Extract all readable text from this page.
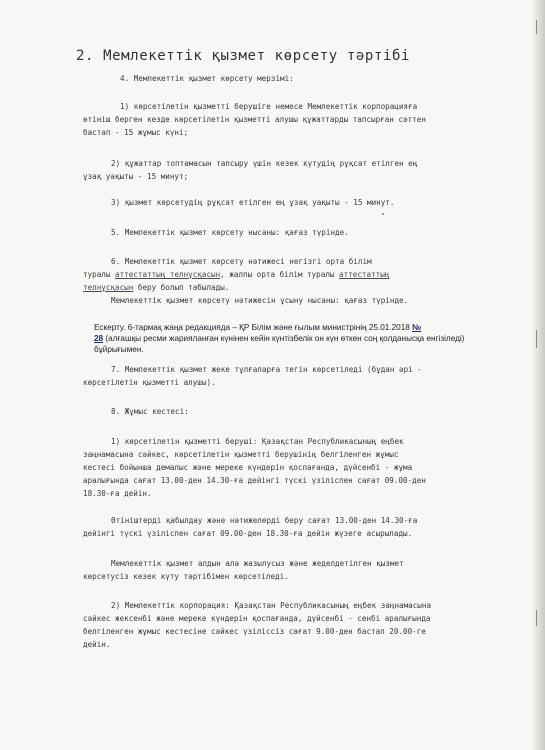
2. Мемлекеттік қызмет көрсету тәртібі
4. Мемлекеттік қызмет көрсету мерзімі:
1) көрсетілетін қызметті берушіге немесе Мемлекеттік корпорацияға
өтініш берген кезде көрсетілетін қызметті алушы құжаттарды тапсырған сәттен
бастап - 15 жұмыс күні;
2) құжаттар топтамасын тапсыру үшін кезек күтудің рұқсат етілген ең
ұзақ уақыты - 15 минут;
3) қызмет көрсетудің рұқсат етілген ең ұзақ уақыты - 15 минут.
5. Мемлекеттік қызмет көрсету нысаны: қағаз түрінде.
6. Мемлекеттік қызмет көрсету нәтижесі негізгі орта білім
туралы аттестаттың телнұсқасын, жалпы орта білім туралы аттестаттың
телнұсқасын беру болып табылады.
Мемлекеттік қызмет көрсету нәтижесін ұсыну нысаны: қағаз түрінде.
Ескерту. 6-тармақ жаңа редакцияда – ҚР Білім және ғылым министрінің 25.01.2018 №
28 (алғашқы ресми жарияланған күнінен кейін күнтізбелік он күн өткен соң қолданысқа енгізіледі)
бұйрығымен.
7. Мемлекеттік қызмет жеке тұлғаларға тегін көрсетіледі (бұдан әрі -
көрсетілетін қызметті алушы).
8. Жұмыс кестесі:
1) көрсетілетін қызметті беруші: Қазақстан Республикасының еңбек
заңнамасына сәйкес, көрсетілетін қызметті берушінің белгіленген жұмыс
кестесі бойынша демалыс және мереке күндерін қоспағанда, дүйсенбі - жұма
аралығында сағат 13.00-ден 14.30-ға дейінгі түскі үзіліспен сағат 09.00-ден
18.30-ға дейін.
Өтініштерді қабылдау және нәтижелерді беру сағат 13.00-ден 14.30-ға
дейінгі түскі үзіліспен сағат 09.00-ден 18.30-ға дейін жүзеге асырылады.
Мемлекеттік қызмет алдын ала жазылусыз және жеделдетілген қызмет
көрсетусіз кезек күту тәртібімен көрсетіледі.
2) Мемлекеттік корпорация: Қазақстан Республикасының еңбек заңнамасына
сәйкес жексенбі және мереке күндерін қоспағанда, дүйсенбі - сенбі аралығында
белгіленген жұмыс кестесіне сәйкес үзіліссіз сағат 9.00-ден бастап 20.00-ге
дейін.
